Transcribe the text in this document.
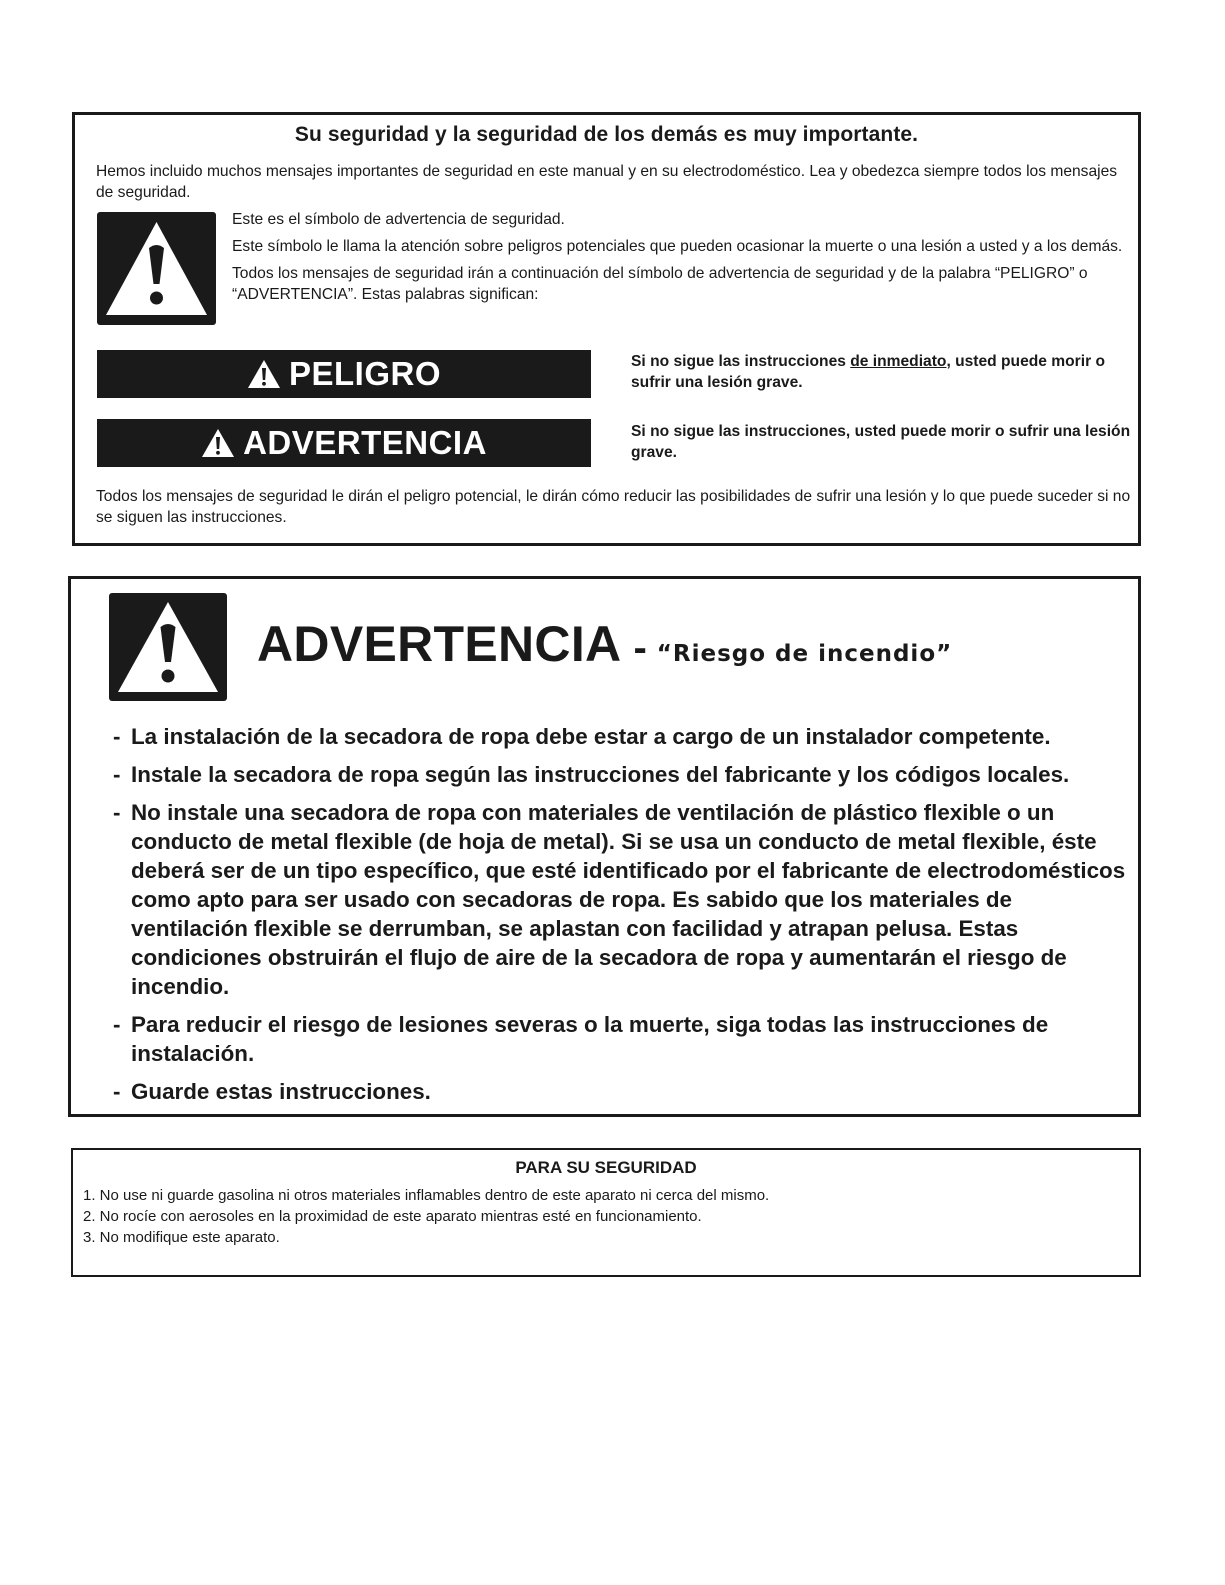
Su seguridad y la seguridad de los demás es muy importante.
Hemos incluido muchos mensajes importantes de seguridad en este manual y en su electrodoméstico. Lea y obedezca siempre todos los mensajes de seguridad.

Este es el símbolo de advertencia de seguridad.

Este símbolo le llama la atención sobre peligros potenciales que pueden ocasionar la muerte o una lesión a usted y a los demás.

Todos los mensajes de seguridad irán a continuación del símbolo de advertencia de seguridad y de la palabra “PELIGRO” o “ADVERTENCIA”. Estas palabras significan:

PELIGRO	Si no sigue las instrucciones de inmediato, usted puede morir o sufrir una lesión grave.
ADVERTENCIA	Si no sigue las instrucciones, usted puede morir o sufrir una lesión grave.
Todos los mensajes de seguridad le dirán el peligro potencial, le dirán cómo reducir las posibilidades de sufrir una lesión y lo que puede suceder si no se siguen las instrucciones.
ADVERTENCIA - “Riesgo de incendio”
- La instalación de la secadora de ropa debe estar a cargo de un instalador competente.
- Instale la secadora de ropa según las instrucciones del fabricante y los códigos locales.
- No instale una secadora de ropa con materiales de ventilación de plástico flexible o un conducto de metal flexible (de hoja de metal). Si se usa un conducto de metal flexible, éste deberá ser de un tipo específico, que esté identificado por el fabricante de electrodomésticos como apto para ser usado con secadoras de ropa. Es sabido que los materiales de ventilación flexible se derrumban, se aplastan con facilidad y atrapan pelusa. Estas condiciones obstruirán el flujo de aire de la secadora de ropa y aumentarán el riesgo de incendio.
- Para reducir el riesgo de lesiones severas o la muerte, siga todas las instrucciones de instalación.
- Guarde estas instrucciones.
PARA SU SEGURIDAD
1. No use ni guarde gasolina ni otros materiales inflamables dentro de este aparato ni cerca del mismo.
2. No rocíe con aerosoles en la proximidad de este aparato mientras esté en funcionamiento.
3. No modifique este aparato.
